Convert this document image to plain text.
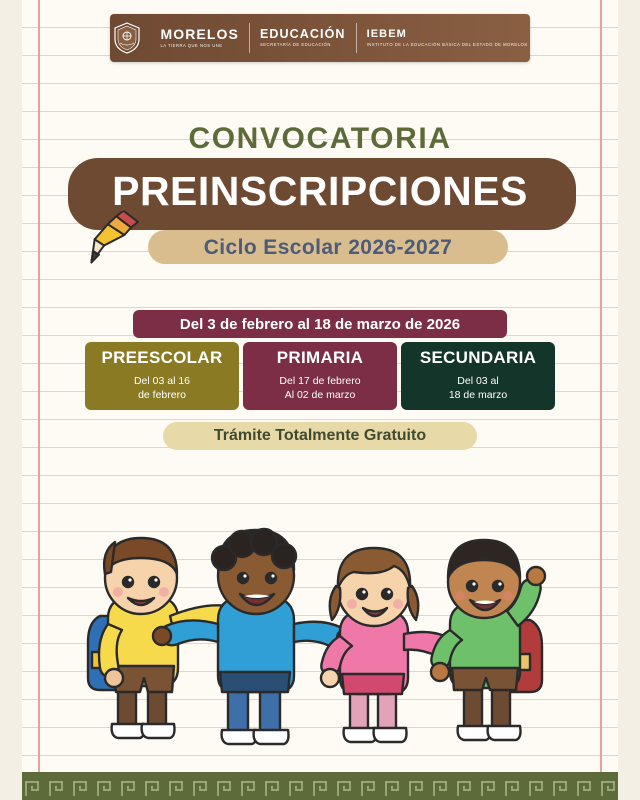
MORELOS
LA TIERRA QUE NOS UNE
EDUCACIÓN
SECRETARÍA DE EDUCACIÓN
IEBEM
INSTITUTO DE LA EDUCACIÓN BÁSICA DEL ESTADO DE MORELOS
CONVOCATORIA
PREINSCRIPCIONES
Ciclo Escolar 2026-2027
Del 3 de febrero al 18 de marzo de 2026
PREESCOLAR
Del 03 al 16
de febrero
PRIMARIA
Del 17 de febrero
Al 02 de marzo
SECUNDARIA
Del 03 al
18 de marzo
Trámite Totalmente Gratuito
